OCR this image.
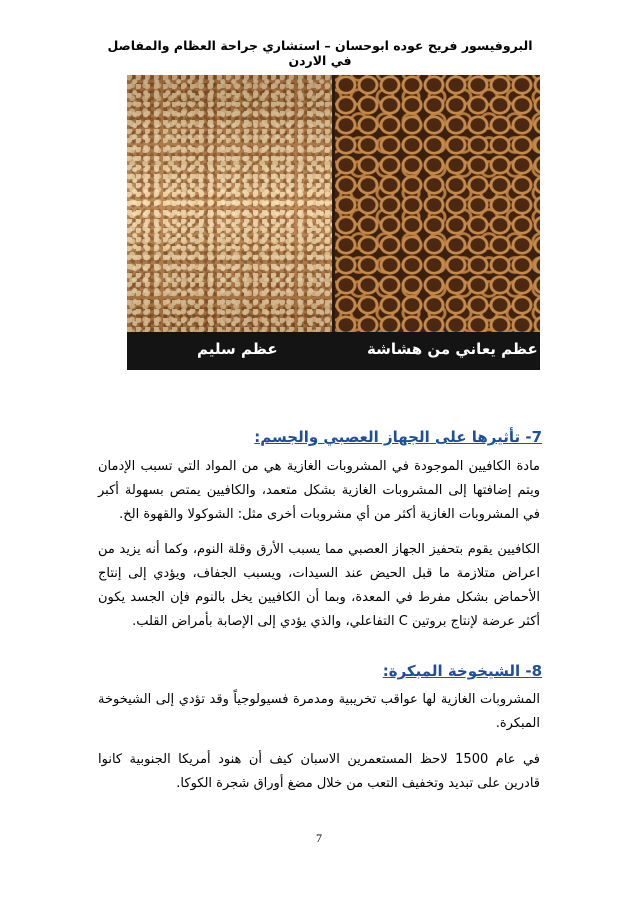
البروفيسور فريح عوده ابوحسان – استشاري جراحة العظام والمفاصل في الاردن
عظم سليم	عظم يعاني من هشاشة
7- تأثيرها على الجهاز العصبي والجسم:
مادة الكافيين الموجودة في المشروبات الغازية هي من المواد التي تسبب الإدمان ويتم إضافتها إلى المشروبات الغازية بشكل متعمد، والكافيين يمتص بسهولة أكبر في المشروبات الغازية أكثر من أي مشروبات أخرى مثل: الشوكولا والقهوة الخ.
الكافيين يقوم بتحفيز الجهاز العصبي مما يسبب الأرق وقلة النوم، وكما أنه يزيد من اعراض متلازمة ما قبل الحيض عند السيدات، ويسبب الجفاف، ويؤدي إلى إنتاج الأحماض بشكل مفرط في المعدة، وبما أن الكافيين يخل بالنوم فإن الجسد يكون أكثر عرضة لإنتاج بروتين C التفاعلي، والذي يؤدي إلى الإصابة بأمراض القلب.
8- الشيخوخة المبكرة:
المشروبات الغازية لها عواقب تخريبية ومدمرة فسيولوجياً وقد تؤدي إلى الشيخوخة المبكرة.
في عام 1500 لاحظ المستعمرين الاسبان كيف أن هنود أمريكا الجنوبية كانوا قادرين على تبديد وتخفيف التعب من خلال مضغ أوراق شجرة الكوكا.
7
